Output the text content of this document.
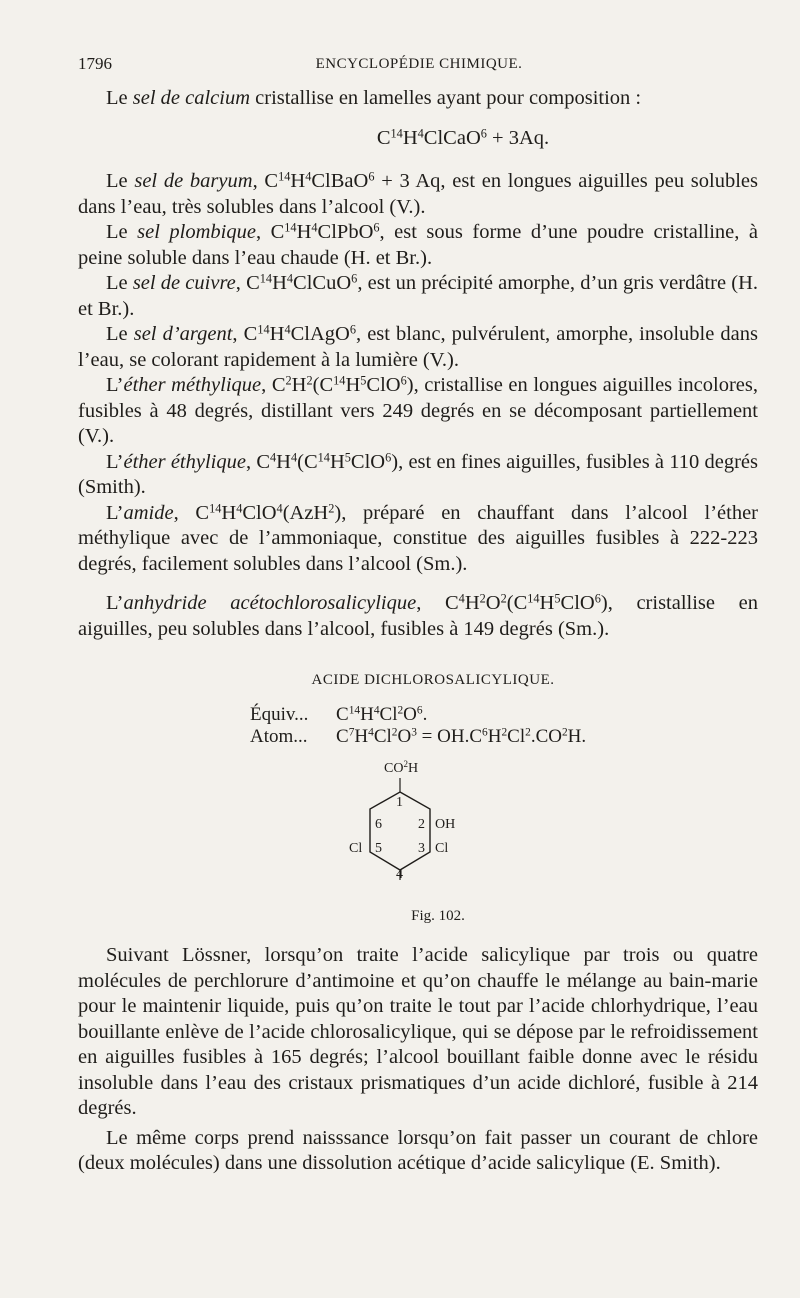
1796	ENCYCLOPÉDIE CHIMIQUE.

Le sel de calcium cristallise en lamelles ayant pour composition :

$C^{14}H^4ClCaO^6 + 3Aq$.

Le sel de baryum, $C^{14}H^4ClBaO^6 + 3$ Aq, est en longues aiguilles peu solubles dans l’eau, très solubles dans l’alcool (V.).

Le sel plombique, $C^{14}H^4ClPbO^6$, est sous forme d’une poudre cristalline, à peine soluble dans l’eau chaude (H. et Br.).

Le sel de cuivre, $C^{14}H^4ClCuO^6$, est un précipité amorphe, d’un gris verdâtre (H. et Br.).

Le sel d’argent, $C^{14}H^4ClAgO^6$, est blanc, pulvérulent, amorphe, insoluble dans l’eau, se colorant rapidement à la lumière (V.).

L’éther méthylique, $C^2H^2(C^{14}H^5ClO^6)$, cristallise en longues aiguilles incolores, fusibles à 48 degrés, distillant vers 249 degrés en se décomposant partiellement (V.).

L’éther éthylique, $C^4H^4(C^{14}H^5ClO^6)$, est en fines aiguilles, fusibles à 110 degrés (Smith).

L’amide, $C^{14}H^4ClO^4(AzH^2)$, préparé en chauffant dans l’alcool l’éther méthylique avec de l’ammoniaque, constitue des aiguilles fusibles à 222-223 degrés, facilement solubles dans l’alcool (Sm.).

L’anhydride acétochlorosalicylique, $C^4H^2O^2(C^{14}H^5ClO^6)$, cristallise en aiguilles, peu solubles dans l’alcool, fusibles à 149 degrés (Sm.).

ACIDE DICHLOROSALICYLIQUE.
Équiv... $C^{14}H^4Cl^2O^6$.
Atom... $C^7H^4Cl^2O^3 = OH.C^6H^2Cl^2.CO^2H$.
$CO^2H$
1
2
3
4
5
6	OH
Cl
Cl
Fig. 102.

Suivant Lössner, lorsqu’on traite l’acide salicylique par trois ou quatre molécules de perchlorure d’antimoine et qu’on chauffe le mélange au bain-marie pour le maintenir liquide, puis qu’on traite le tout par l’acide chlorhydrique, l’eau bouillante enlève de l’acide chlorosalicylique, qui se dépose par le refroidissement en aiguilles fusibles à 165 degrés; l’alcool bouillant faible donne avec le résidu insoluble dans l’eau des cristaux prismatiques d’un acide dichloré, fusible à 214 degrés.

Le même corps prend naisssance lorsqu’on fait passer un courant de chlore (deux molécules) dans une dissolution acétique d’acide salicylique (E. Smith).
